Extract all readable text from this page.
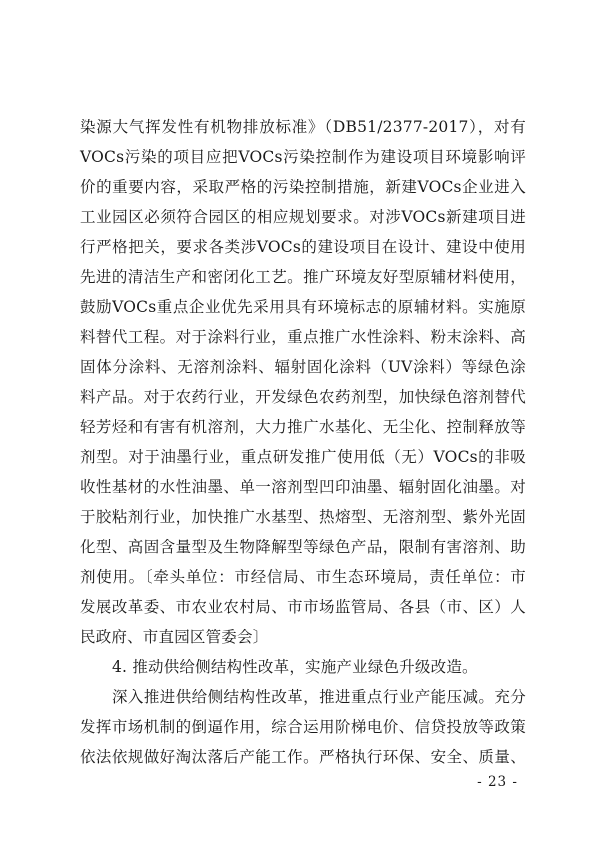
染源大气挥发性有机物排放标准》（DB51/2377-2017），对有
VOCs污染的项目应把VOCs污染控制作为建设项目环境影响评
价的重要内容，采取严格的污染控制措施，新建VOCs企业进入
工业园区必须符合园区的相应规划要求。对涉VOCs新建项目进
行严格把关，要求各类涉VOCs的建设项目在设计、建设中使用
先进的清洁生产和密闭化工艺。推广环境友好型原辅材料使用，
鼓励VOCs重点企业优先采用具有环境标志的原辅材料。实施原
料替代工程。对于涂料行业，重点推广水性涂料、粉末涂料、高
固体分涂料、无溶剂涂料、辐射固化涂料（UV涂料）等绿色涂
料产品。对于农药行业，开发绿色农药剂型，加快绿色溶剂替代
轻芳烃和有害有机溶剂，大力推广水基化、无尘化、控制释放等
剂型。对于油墨行业，重点研发推广使用低（无）VOCs的非吸
收性基材的水性油墨、单一溶剂型凹印油墨、辐射固化油墨。对
于胶粘剂行业，加快推广水基型、热熔型、无溶剂型、紫外光固
化型、高固含量型及生物降解型等绿色产品，限制有害溶剂、助
剂使用。〔牵头单位：市经信局、市生态环境局，责任单位：市
发展改革委、市农业农村局、市市场监管局、各县（市、区）人
民政府、市直园区管委会〕
4. 推动供给侧结构性改革，实施产业绿色升级改造。
深入推进供给侧结构性改革，推进重点行业产能压减。充分
发挥市场机制的倒逼作用，综合运用阶梯电价、信贷投放等政策
依法依规做好淘汰落后产能工作。严格执行环保、安全、质量、
- 23 -
